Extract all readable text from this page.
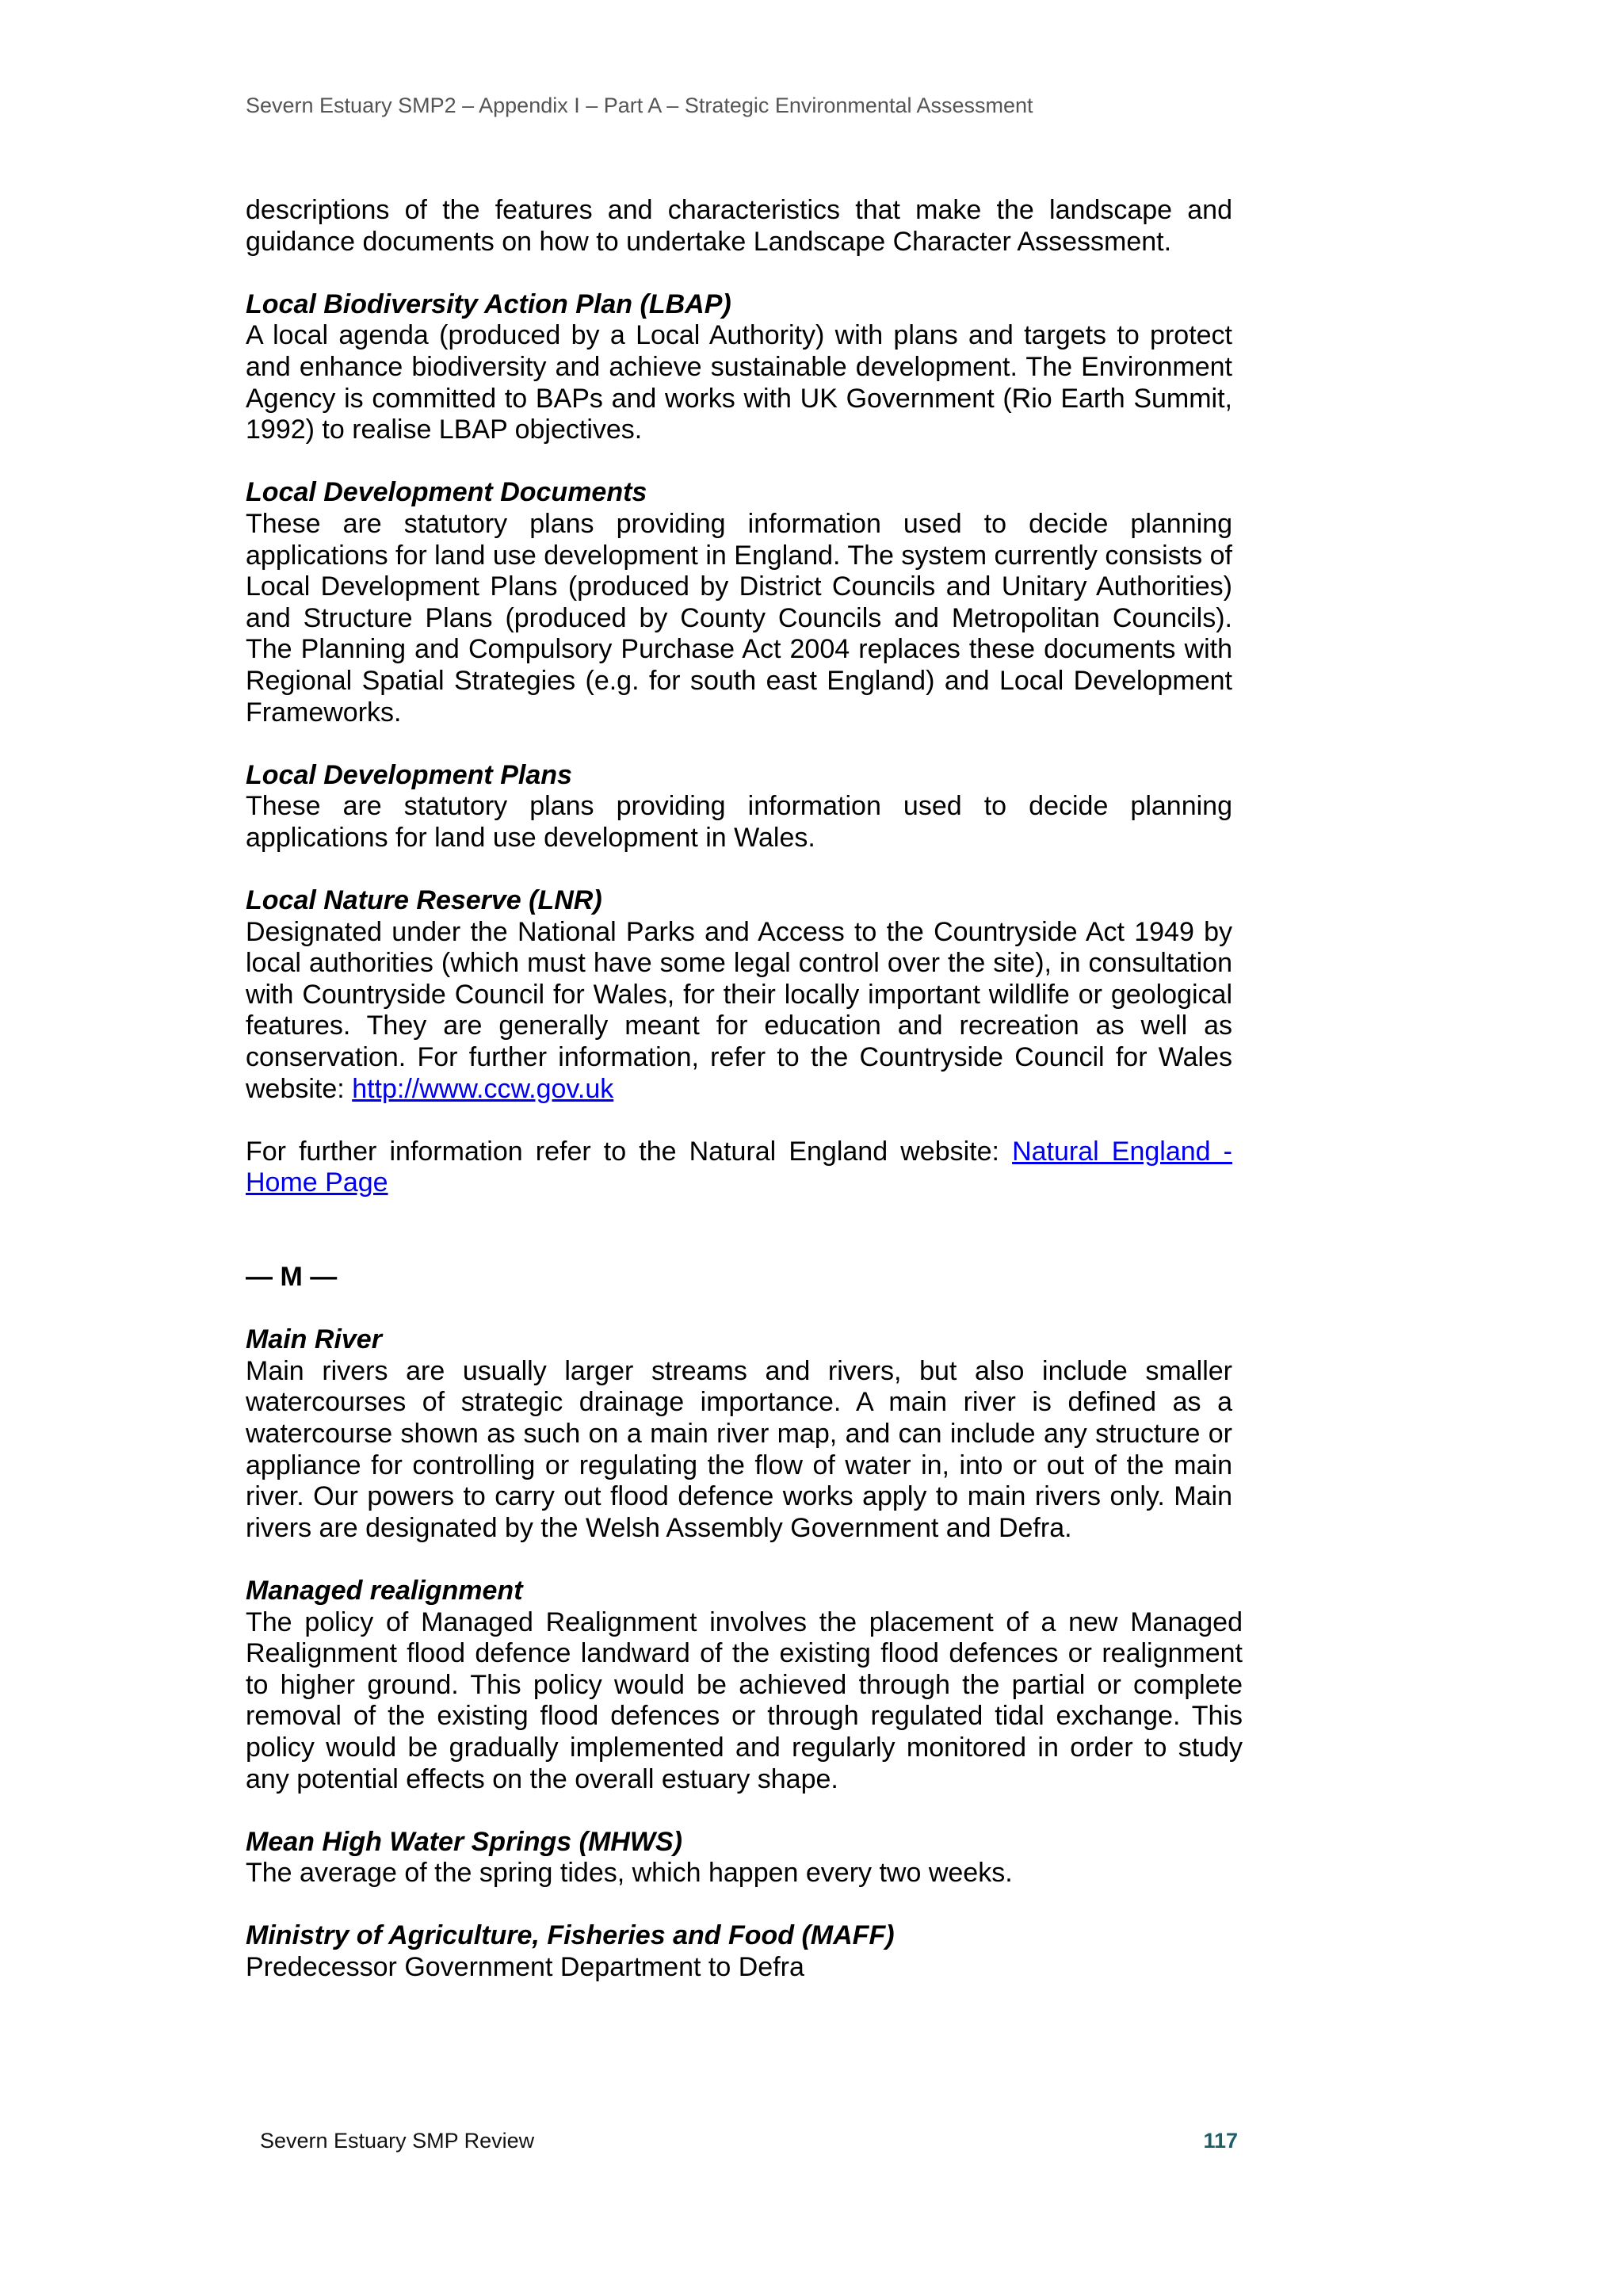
Severn Estuary SMP2 – Appendix I – Part A – Strategic Environmental Assessment

descriptions of the features and characteristics that make the landscape and guidance documents on how to undertake Landscape Character Assessment.

Local Biodiversity Action Plan (LBAP)

A local agenda (produced by a Local Authority) with plans and targets to protect and enhance biodiversity and achieve sustainable development. The Environment Agency is committed to BAPs and works with UK Government (Rio Earth Summit, 1992) to realise LBAP objectives.

Local Development Documents

These are statutory plans providing information used to decide planning applications for land use development in England. The system currently consists of Local Development Plans (produced by District Councils and Unitary Authorities) and Structure Plans (produced by County Councils and Metropolitan Councils). The Planning and Compulsory Purchase Act 2004 replaces these documents with Regional Spatial Strategies (e.g. for south east England) and Local Development Frameworks.

Local Development Plans

These are statutory plans providing information used to decide planning applications for land use development in Wales.

Local Nature Reserve (LNR)

Designated under the National Parks and Access to the Countryside Act 1949 by local authorities (which must have some legal control over the site), in consultation with Countryside Council for Wales, for their locally important wildlife or geological features. They are generally meant for education and recreation as well as conservation. For further information, refer to the Countryside Council for Wales website: http://www.ccw.gov.uk

For further information refer to the Natural England website: Natural England - Home Page

— M —

Main River

Main rivers are usually larger streams and rivers, but also include smaller watercourses of strategic drainage importance. A main river is defined as a watercourse shown as such on a main river map, and can include any structure or appliance for controlling or regulating the flow of water in, into or out of the main river. Our powers to carry out flood defence works apply to main rivers only. Main rivers are designated by the Welsh Assembly Government and Defra.

Managed realignment

The policy of Managed Realignment involves the placement of a new Managed Realignment flood defence landward of the existing flood defences or realignment to higher ground. This policy would be achieved through the partial or complete removal of the existing flood defences or through regulated tidal exchange. This policy would be gradually implemented and regularly monitored in order to study any potential effects on the overall estuary shape.

Mean High Water Springs (MHWS)

The average of the spring tides, which happen every two weeks.

Ministry of Agriculture, Fisheries and Food (MAFF)

Predecessor Government Department to Defra

Severn Estuary SMP Review	117
